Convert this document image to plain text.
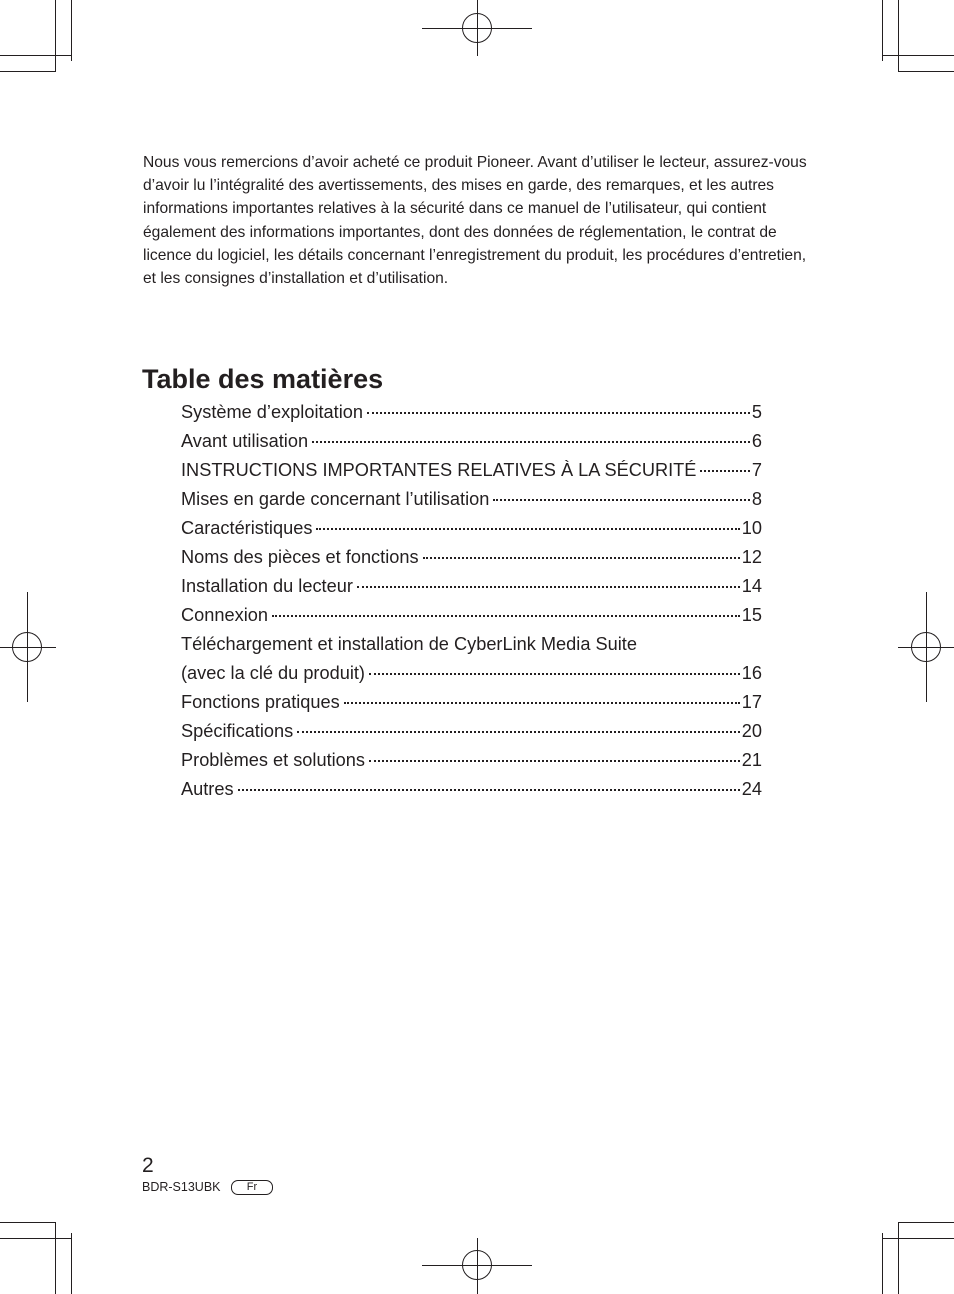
Nous vous remercions d’avoir acheté ce produit Pioneer. Avant d’utiliser le lecteur, assurez-vous d’avoir lu l’intégralité des avertissements, des mises en garde, des remarques, et les autres informations importantes relatives à la sécurité dans ce manuel de l’utilisateur, qui contient également des informations importantes, dont des données de réglementation, le contrat de licence du logiciel, les détails concernant l’enregistrement du produit, les procédures d’entretien, et les consignes d’installation et d’utilisation.

Table des matières
Système d’exploitation	5
Avant utilisation	6
INSTRUCTIONS IMPORTANTES RELATIVES À LA SÉCURITÉ	7
Mises en garde concernant l’utilisation	8
Caractéristiques	10
Noms des pièces et fonctions	12
Installation du lecteur	14
Connexion	15
Téléchargement et installation de CyberLink Media Suite
(avec la clé du produit)	16
Fonctions pratiques	17
Spécifications	20
Problèmes et solutions	21
Autres	24
2
BDR-S13UBK	Fr
